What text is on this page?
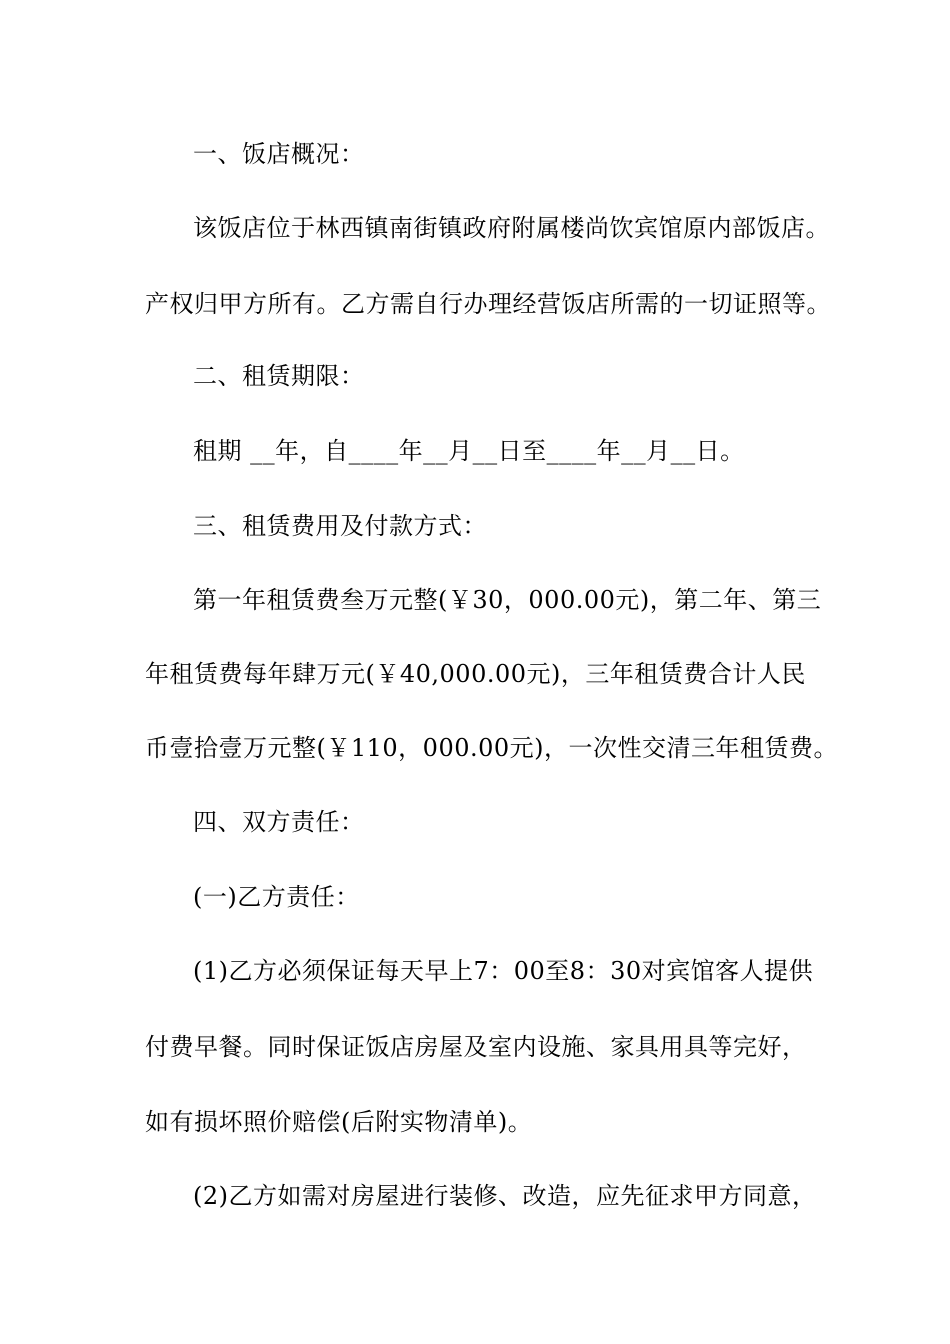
一、饭店概况：
该饭店位于林西镇南街镇政府附属楼尚饮宾馆原内部饭店。
产权归甲方所有。乙方需自行办理经营饭店所需的一切证照等。
二、租赁期限：
租期 __年，自____年__月__日至____年__月__日。
三、租赁费用及付款方式：
第一年租赁费叁万元整(￥30，000.00元)，第二年、第三
年租赁费每年肆万元(￥40,000.00元)，三年租赁费合计人民
币壹拾壹万元整(￥110，000.00元)，一次性交清三年租赁费。
四、双方责任：
(一)乙方责任：
(1)乙方必须保证每天早上7：00至8：30对宾馆客人提供
付费早餐。同时保证饭店房屋及室内设施、家具用具等完好，
如有损坏照价赔偿(后附实物清单)。
(2)乙方如需对房屋进行装修、改造，应先征求甲方同意，
